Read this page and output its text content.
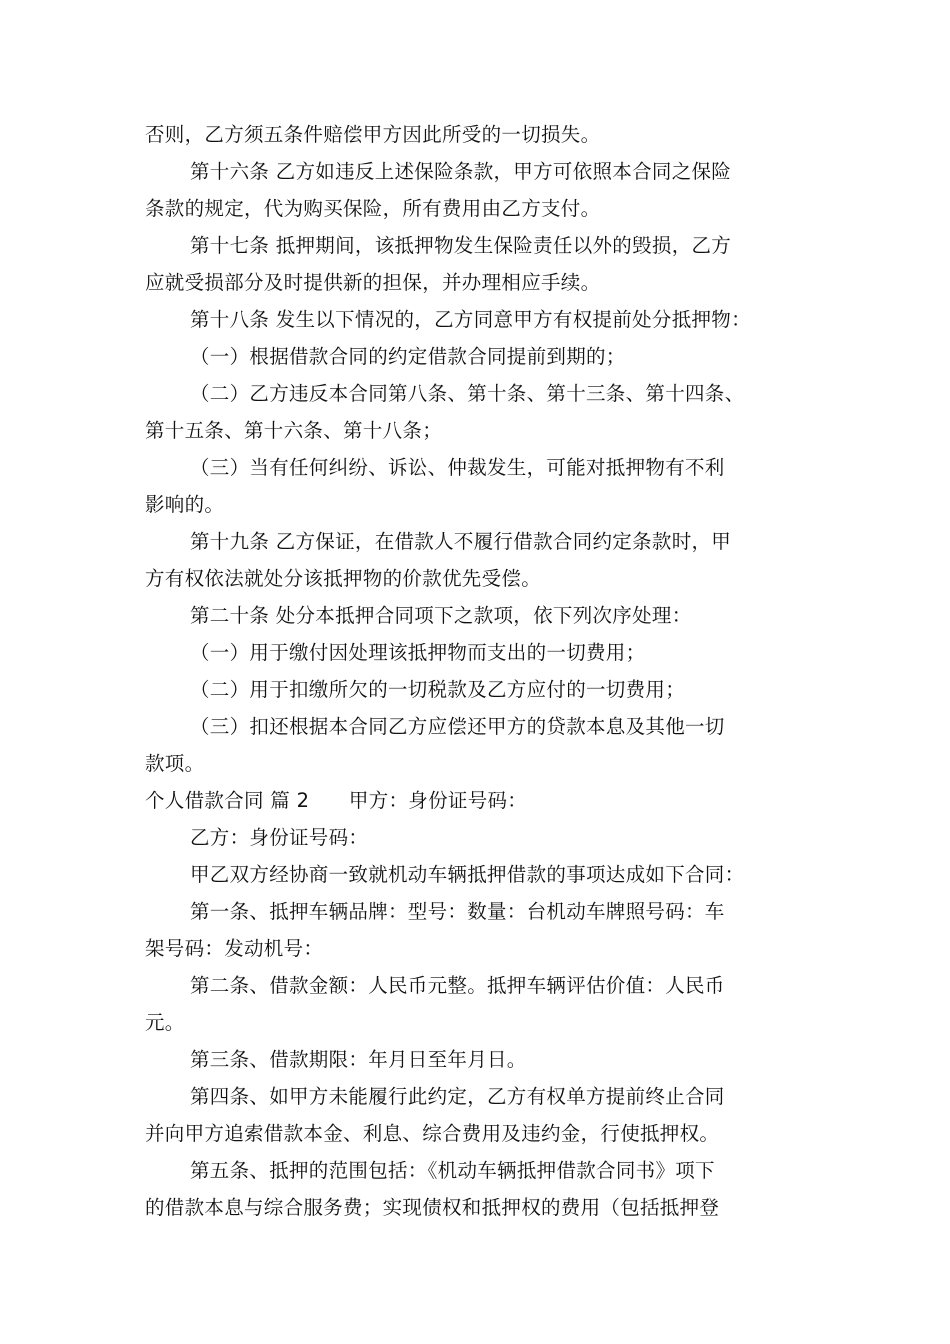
否则，乙方须五条件赔偿甲方因此所受的一切损失。
第十六条 乙方如违反上述保险条款，甲方可依照本合同之保险
条款的规定，代为购买保险，所有费用由乙方支付。
第十七条 抵押期间，该抵押物发生保险责任以外的毁损，乙方
应就受损部分及时提供新的担保，并办理相应手续。
第十八条 发生以下情况的，乙方同意甲方有权提前处分抵押物：
（一）根据借款合同的约定借款合同提前到期的；
（二）乙方违反本合同第八条、第十条、第十三条、第十四条、
第十五条、第十六条、第十八条；
（三）当有任何纠纷、诉讼、仲裁发生，可能对抵押物有不利
影响的。
第十九条 乙方保证，在借款人不履行借款合同约定条款时，甲
方有权依法就处分该抵押物的价款优先受偿。
第二十条 处分本抵押合同项下之款项，依下列次序处理：
（一）用于缴付因处理该抵押物而支出的一切费用；
（二）用于扣缴所欠的一切税款及乙方应付的一切费用；
（三）扣还根据本合同乙方应偿还甲方的贷款本息及其他一切
款项。
个人借款合同 篇 2　　甲方：身份证号码：
乙方：身份证号码：
甲乙双方经协商一致就机动车辆抵押借款的事项达成如下合同：
第一条、抵押车辆品牌：型号：数量：台机动车牌照号码：车
架号码：发动机号：
第二条、借款金额：人民币元整。抵押车辆评估价值：人民币
元。
第三条、借款期限：年月日至年月日。
第四条、如甲方未能履行此约定，乙方有权单方提前终止合同
并向甲方追索借款本金、利息、综合费用及违约金，行使抵押权。
第五条、抵押的范围包括：《机动车辆抵押借款合同书》项下
的借款本息与综合服务费；实现债权和抵押权的费用（包括抵押登
